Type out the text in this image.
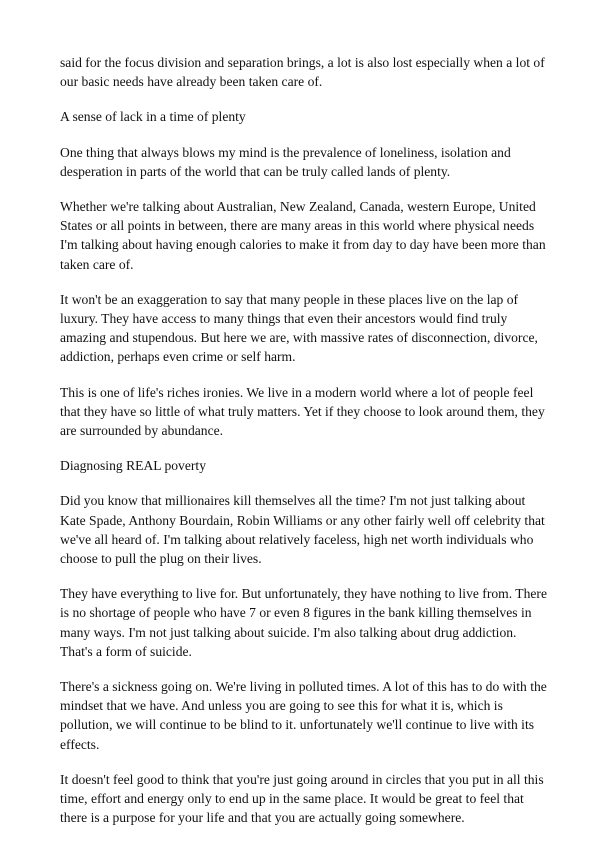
said for the focus division and separation brings, a lot is also lost especially when a lot of our basic needs have already been taken care of.

A sense of lack in a time of plenty

One thing that always blows my mind is the prevalence of loneliness, isolation and desperation in parts of the world that can be truly called lands of plenty.

Whether we're talking about Australian, New Zealand, Canada, western Europe, United States or all points in between, there are many areas in this world where physical needs I'm talking about having enough calories to make it from day to day have been more than taken care of.

It won't be an exaggeration to say that many people in these places live on the lap of luxury. They have access to many things that even their ancestors would find truly amazing and stupendous. But here we are, with massive rates of disconnection, divorce, addiction, perhaps even crime or self harm.

This is one of life's riches ironies. We live in a modern world where a lot of people feel that they have so little of what truly matters. Yet if they choose to look around them, they are surrounded by abundance.

Diagnosing REAL poverty

Did you know that millionaires kill themselves all the time? I'm not just talking about Kate Spade, Anthony Bourdain, Robin Williams or any other fairly well off celebrity that we've all heard of. I'm talking about relatively faceless, high net worth individuals who choose to pull the plug on their lives.

They have everything to live for. But unfortunately, they have nothing to live from. There is no shortage of people who have 7 or even 8 figures in the bank killing themselves in many ways. I'm not just talking about suicide. I'm also talking about drug addiction. That's a form of suicide.

There's a sickness going on. We're living in polluted times. A lot of this has to do with the mindset that we have. And unless you are going to see this for what it is, which is pollution, we will continue to be blind to it. unfortunately we'll continue to live with its effects.

It doesn't feel good to think that you're just going around in circles that you put in all this time, effort and energy only to end up in the same place. It would be great to feel that there is a purpose for your life and that you are actually going somewhere.
